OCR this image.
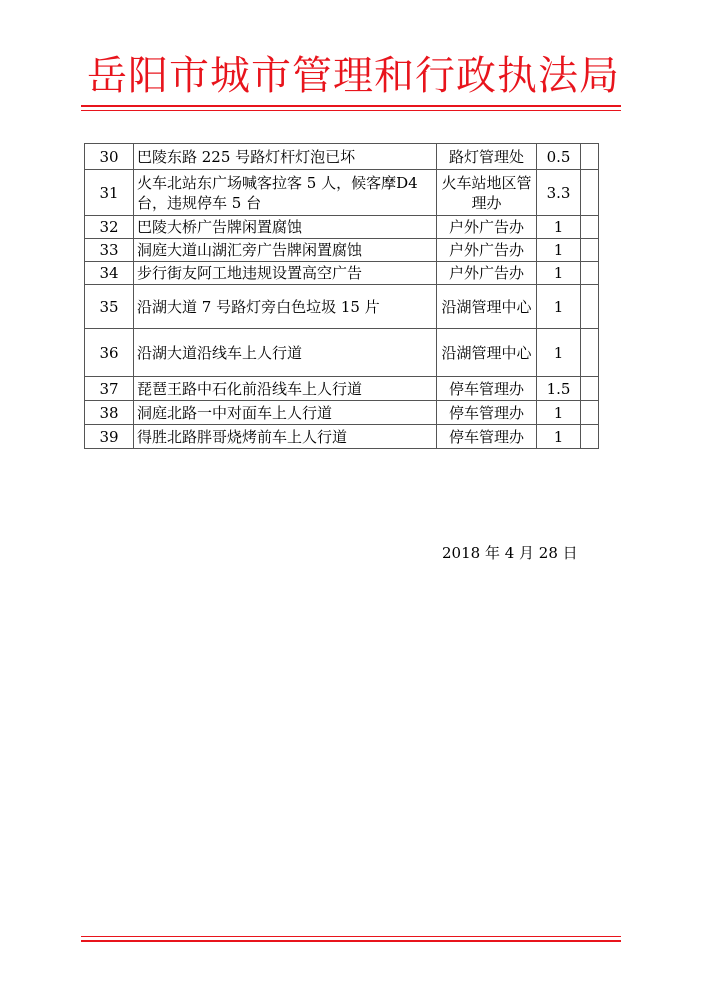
岳阳市城市管理和行政执法局
30	巴陵东路 225 号路灯杆灯泡已坏	路灯管理处	0.5	
31	火车北站东广场喊客拉客 5 人，候客摩D4 台，违规停车 5 台	火车站地区管理办	3.3	
32	巴陵大桥广告牌闲置腐蚀	户外广告办	1	
33	洞庭大道山湖汇旁广告牌闲置腐蚀	户外广告办	1	
34	步行街友阿工地违规设置高空广告	户外广告办	1	
35	沿湖大道 7 号路灯旁白色垃圾 15 片	沿湖管理中心	1	
36	沿湖大道沿线车上人行道	沿湖管理中心	1	
37	琵琶王路中石化前沿线车上人行道	停车管理办	1.5	
38	洞庭北路一中对面车上人行道	停车管理办	1	
39	得胜北路胖哥烧烤前车上人行道	停车管理办	1	
2018 年 4 月 28 日
